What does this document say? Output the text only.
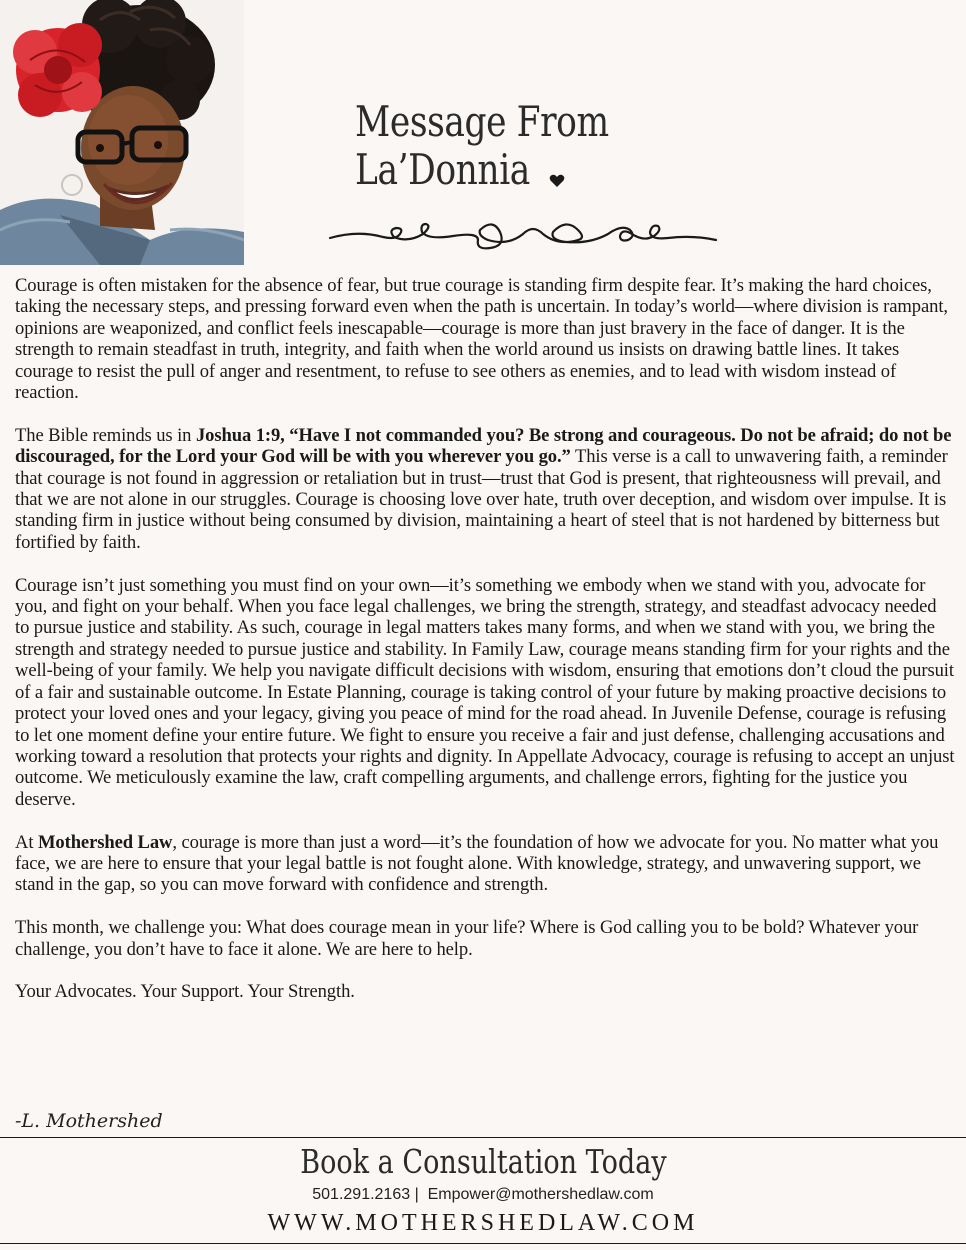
Message From
La’Donnia

Courage is often mistaken for the absence of fear, but true courage is standing firm despite fear. It’s making the hard choices, taking the necessary steps, and pressing forward even when the path is uncertain. In today’s world—where division is rampant, opinions are weaponized, and conflict feels inescapable—courage is more than just bravery in the face of danger. It is the strength to remain steadfast in truth, integrity, and faith when the world around us insists on drawing battle lines. It takes courage to resist the pull of anger and resentment, to refuse to see others as enemies, and to lead with wisdom instead of reaction.

The Bible reminds us in Joshua 1:9, “Have I not commanded you? Be strong and courageous. Do not be afraid; do not be discouraged, for the Lord your God will be with you wherever you go.” This verse is a call to unwavering faith, a reminder that courage is not found in aggression or retaliation but in trust—trust that God is present, that righteousness will prevail, and that we are not alone in our struggles. Courage is choosing love over hate, truth over deception, and wisdom over impulse. It is standing firm in justice without being consumed by division, maintaining a heart of steel that is not hardened by bitterness but fortified by faith.

Courage isn’t just something you must find on your own—it’s something we embody when we stand with you, advocate for you, and fight on your behalf. When you face legal challenges, we bring the strength, strategy, and steadfast advocacy needed to pursue justice and stability. As such, courage in legal matters takes many forms, and when we stand with you, we bring the strength and strategy needed to pursue justice and stability. In Family Law, courage means standing firm for your rights and the well-being of your family. We help you navigate difficult decisions with wisdom, ensuring that emotions don’t cloud the pursuit of a fair and sustainable outcome. In Estate Planning, courage is taking control of your future by making proactive decisions to protect your loved ones and your legacy, giving you peace of mind for the road ahead. In Juvenile Defense, courage is refusing to let one moment define your entire future. We fight to ensure you receive a fair and just defense, challenging accusations and working toward a resolution that protects your rights and dignity. In Appellate Advocacy, courage is refusing to accept an unjust outcome. We meticulously examine the law, craft compelling arguments, and challenge errors, fighting for the justice you deserve.

At Mothershed Law, courage is more than just a word—it’s the foundation of how we advocate for you. No matter what you face, we are here to ensure that your legal battle is not fought alone. With knowledge, strategy, and unwavering support, we stand in the gap, so you can move forward with confidence and strength.

This month, we challenge you: What does courage mean in your life? Where is God calling you to be bold? Whatever your challenge, you don’t have to face it alone. We are here to help.

Your Advocates. Your Support. Your Strength.

-L. Mothershed
Book a Consultation Today
501.291.2163 |  Empower@mothershedlaw.com
WWW.MOTHERSHEDLAW.COM
